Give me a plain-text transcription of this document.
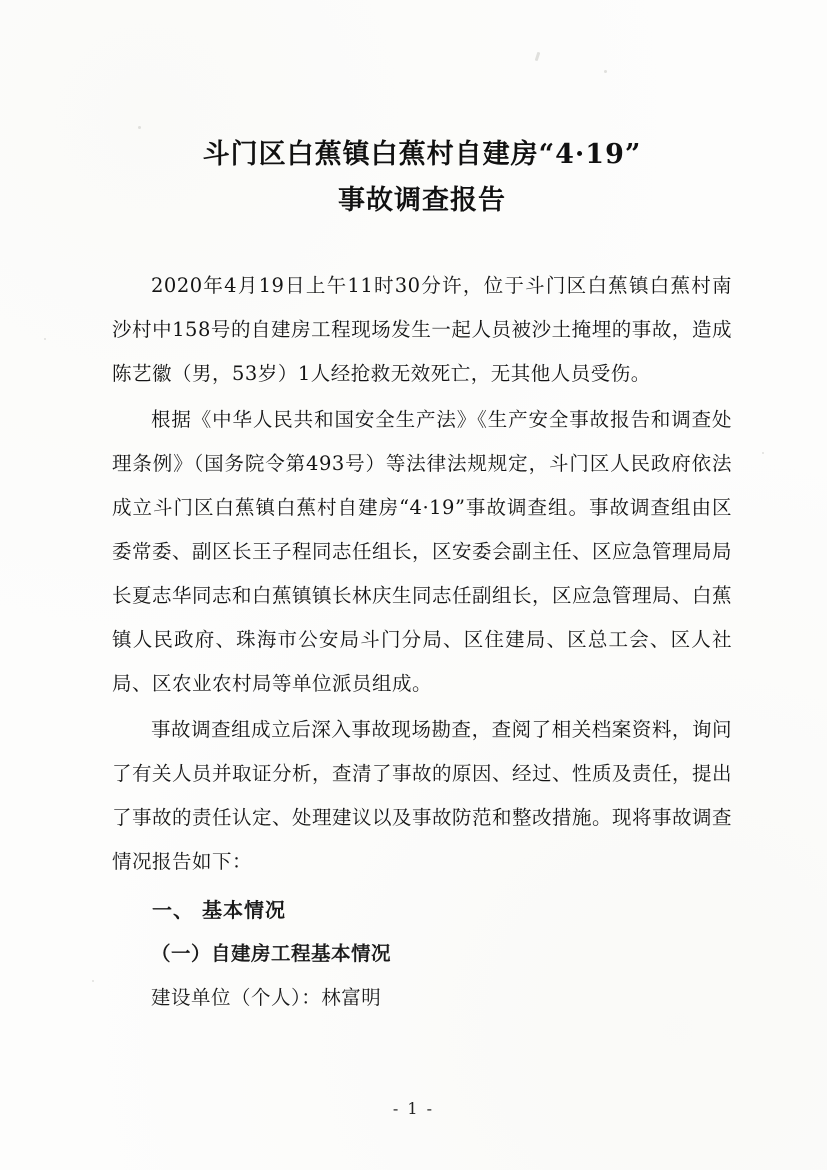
斗门区白蕉镇白蕉村自建房“4·19”
事故调查报告

2020年4月19日上午11时30分许，位于斗门区白蕉镇白蕉村南沙村中158号的自建房工程现场发生一起人员被沙土掩埋的事故，造成陈艺徽（男，53岁）1人经抢救无效死亡，无其他人员受伤。

根据《中华人民共和国安全生产法》《生产安全事故报告和调查处理条例》（国务院令第493号）等法律法规规定，斗门区人民政府依法成立斗门区白蕉镇白蕉村自建房“4·19”事故调查组。事故调查组由区委常委、副区长王子程同志任组长，区安委会副主任、区应急管理局局长夏志华同志和白蕉镇镇长林庆生同志任副组长，区应急管理局、白蕉镇人民政府、珠海市公安局斗门分局、区住建局、区总工会、区人社局、区农业农村局等单位派员组成。

事故调查组成立后深入事故现场勘查，查阅了相关档案资料，询问了有关人员并取证分析，查清了事故的原因、经过、性质及责任，提出了事故的责任认定、处理建议以及事故防范和整改措施。现将事故调查情况报告如下：

一、 基本情况
（一）自建房工程基本情况

建设单位（个人）：林富明

- 1 -
